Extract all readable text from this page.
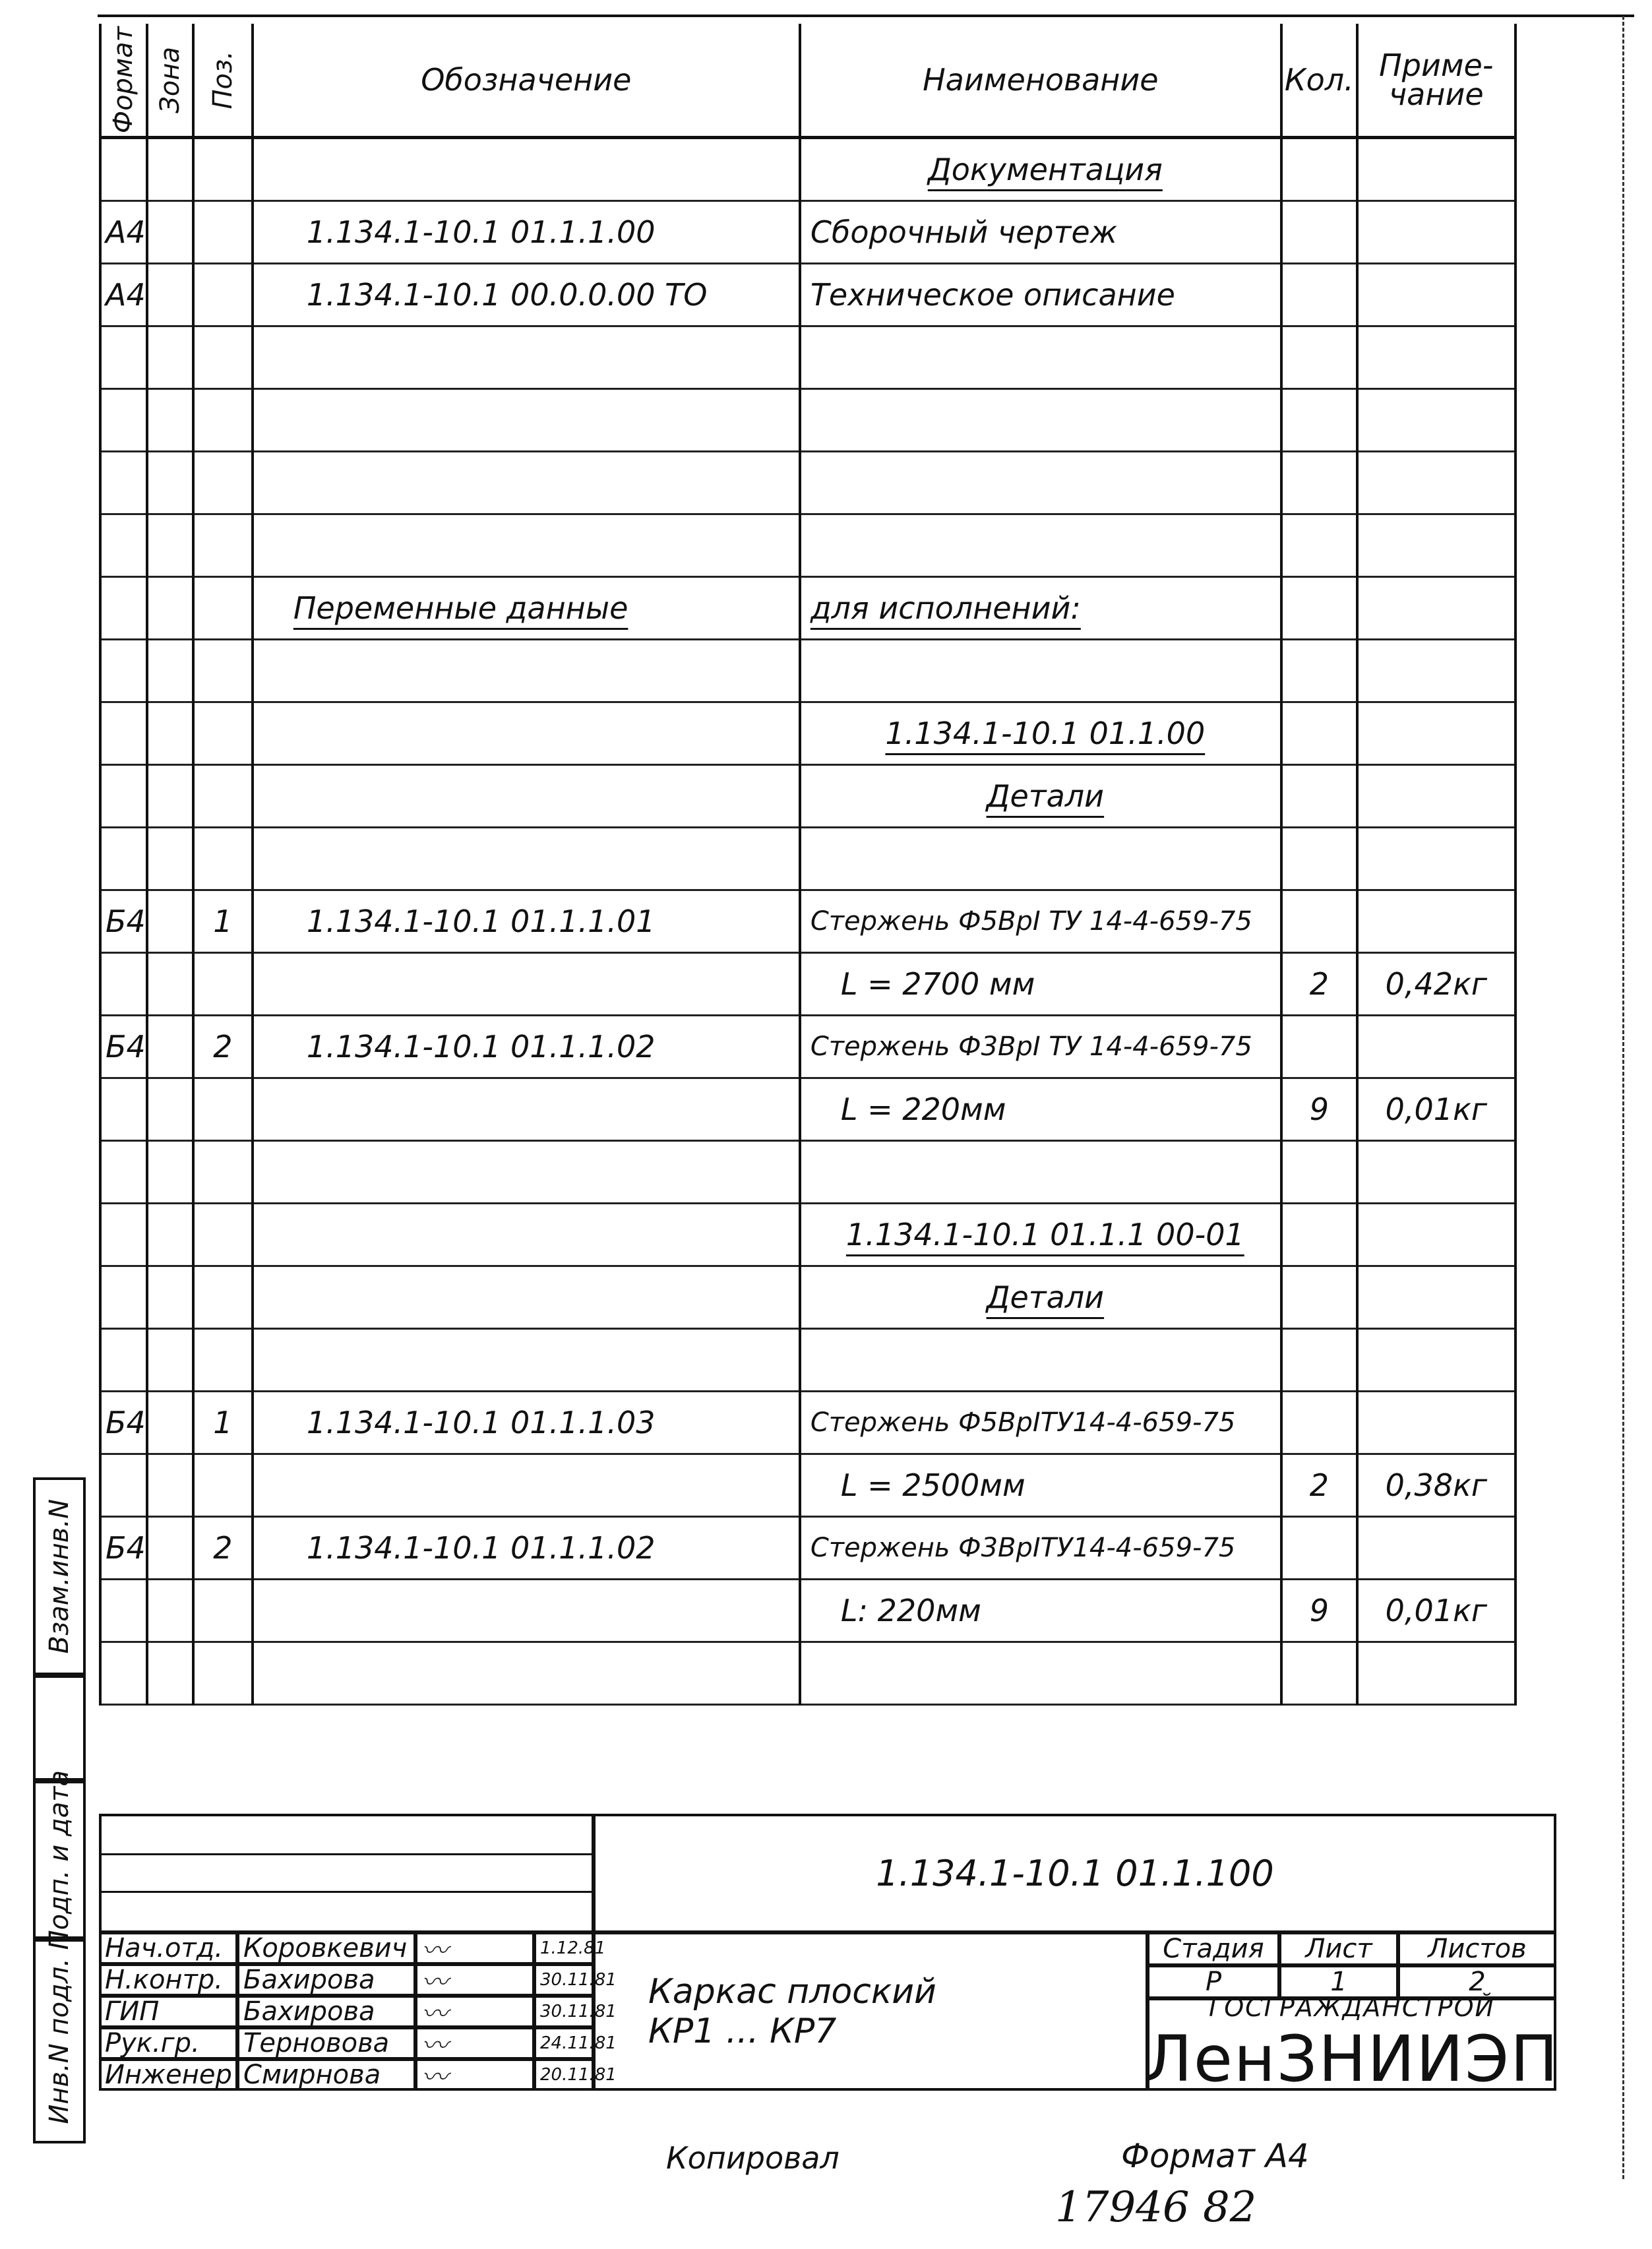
Формат	Зона	Поз.	Обозначение	Наименование	Кол.	Приме-чание
				Документация		
А4			1.134.1-10.1 01.1.1.00	Сборочный чертеж		
А4			1.134.1-10.1 00.0.0.00 ТО	Техническое описание		

			Переменные данные	для исполнений:		

				1.134.1-10.1 01.1.00		
				Детали		

Б4		1	1.134.1-10.1 01.1.1.01	Стержень Ф5ВрI ТУ 14-4-659-75		
				L = 2700 мм	2	0,42кг
Б4		2	1.134.1-10.1 01.1.1.02	Стержень Ф3ВрI ТУ 14-4-659-75		
				L = 220мм	9	0,01кг

				1.134.1-10.1 01.1.1 00-01		
				Детали		

Б4		1	1.134.1-10.1 01.1.1.03	Стержень Ф5ВрIТУ14-4-659-75		
				L = 2500мм	2	0,38кг
Б4		2	1.134.1-10.1 01.1.1.02	Стержень Ф3ВрIТУ14-4-659-75		
				L: 220мм	9	0,01кг

Взам.инв.N
Подп. и дата
Инв.N подл.
1.134.1-10.1 01.1.100
Каркас плоский
КР1 ... КР7
Стадия	Лист	Листов
Р	1	2
ГОСГРАЖДАНСТРОЙ
ЛенЗНИИЭП
Нач.отд. Коровкевич 〰	1.12.81
Н.контр. Бахирова	〰	30.11.81
ГИП	Бахирова	〰	30.11.81
Рук.гр.	Терновова	〰	24.11.81
Инженер Смирнова	〰	20.11.81
Копировал	Формат А4
17946 82
